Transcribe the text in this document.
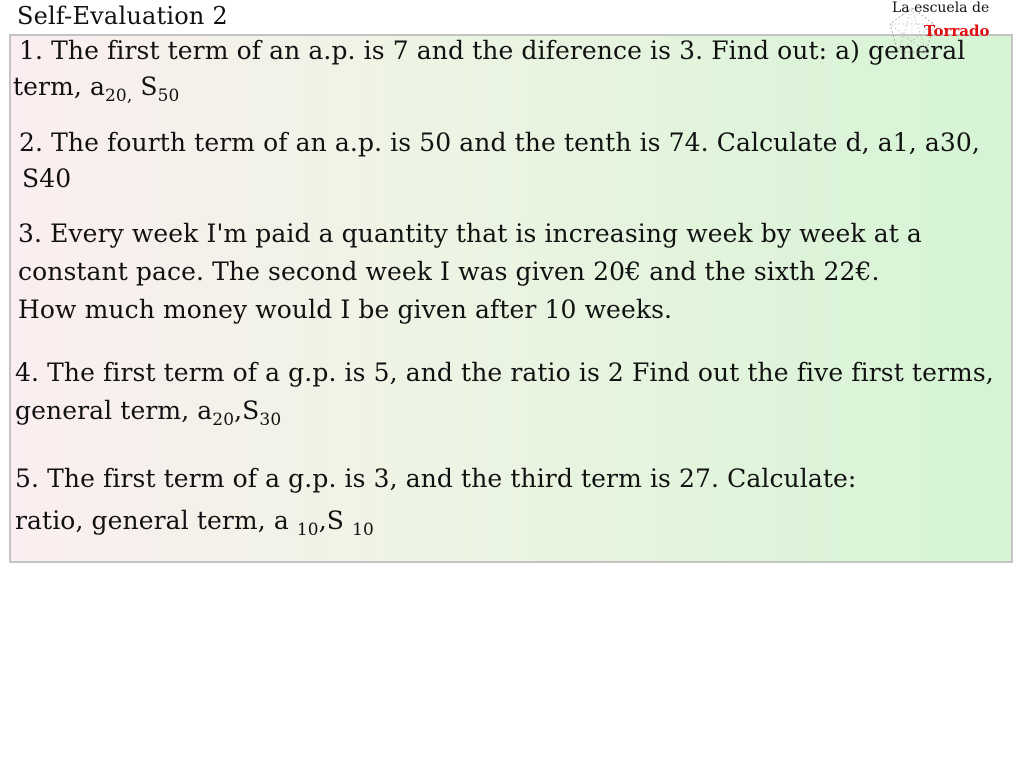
Self-Evaluation 2	La escuela de
Torrado
1. The first term of an a.p. is 7 and the diference is 3. Find out: a) general
term, $a_{20,}$ $S_{50}$
2. The fourth term of an a.p. is 50 and the tenth is 74. Calculate d, a1, a30,
S40
3. Every week I'm paid a quantity that is increasing week by week at a
constant pace. The second week I was given 20€ and the sixth 22€.
How much money would I be given after 10 weeks.
4. The first term of a g.p. is 5, and the ratio is 2 Find out the five first terms,
general term, $a_{20},S_{30}$
5. The first term of a g.p. is 3, and the third term is 27. Calculate:
ratio, general term, a $_{10}$,S $_{10}$
